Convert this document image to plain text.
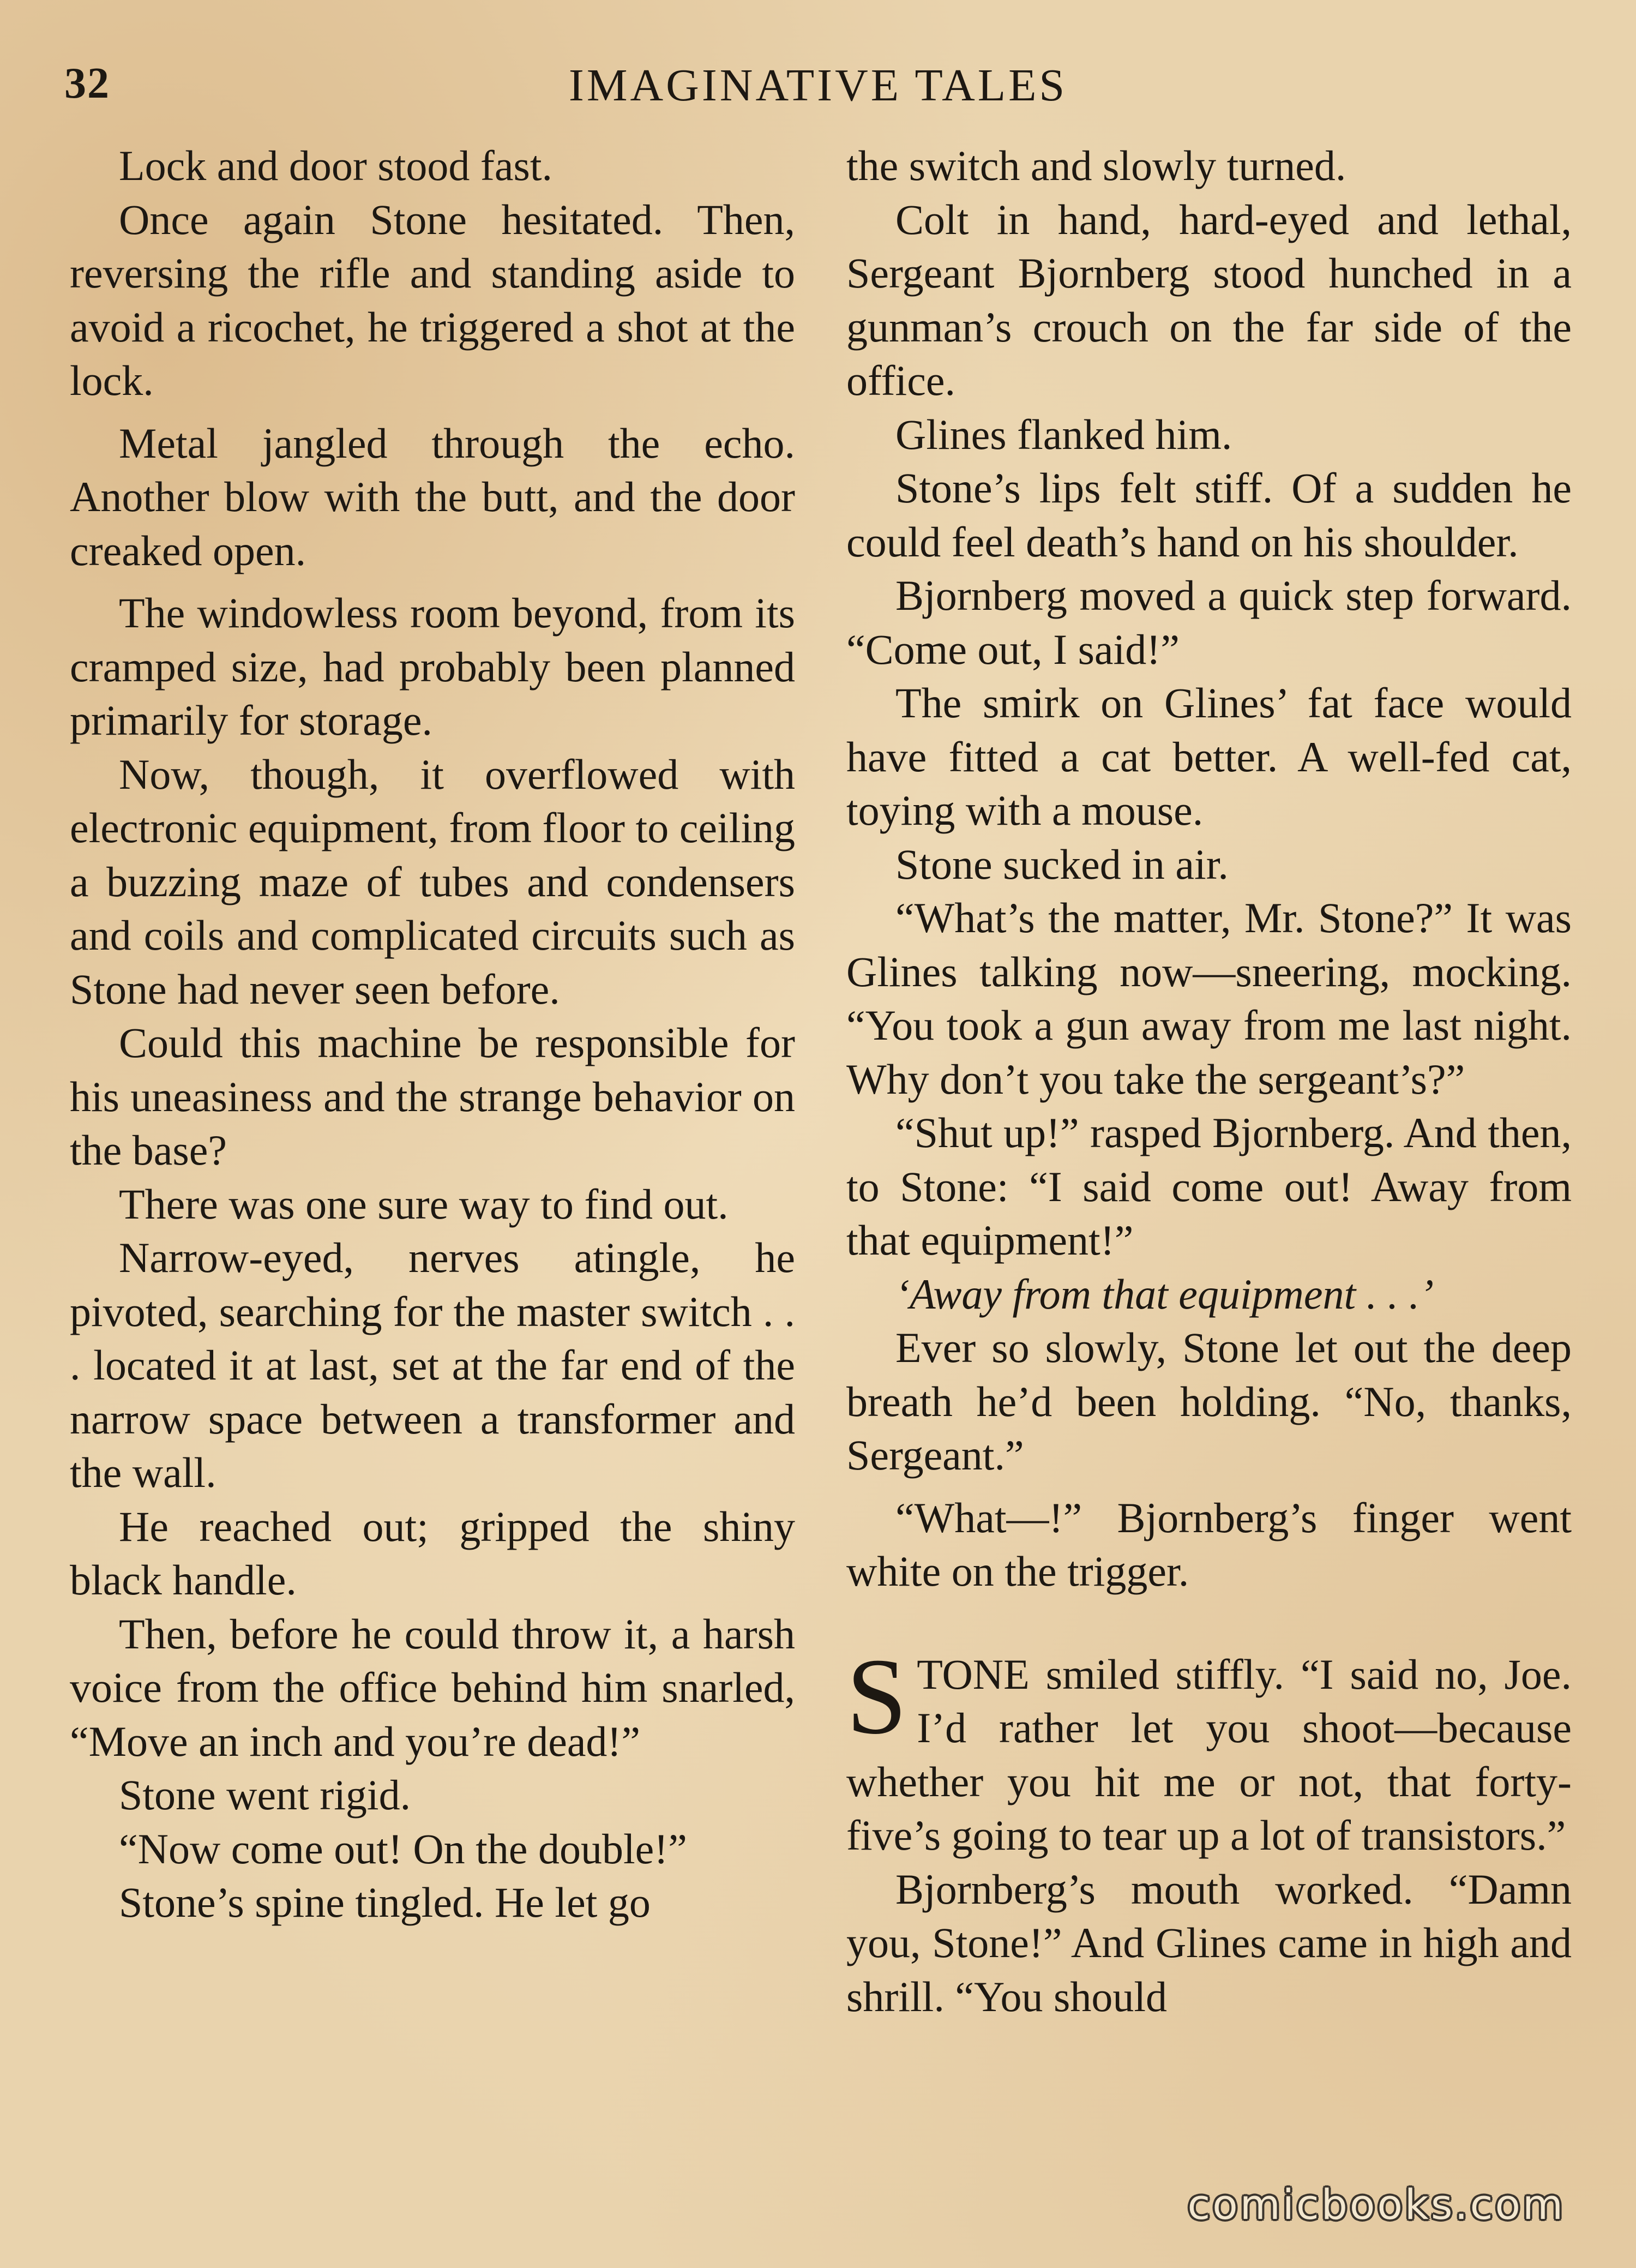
32	IMAGINATIVE TALES

Lock and door stood fast.

Once again Stone hesitated. Then, reversing the rifle and standing aside to avoid a ricochet, he triggered a shot at the lock.

Metal jangled through the echo. Another blow with the butt, and the door creaked open.

The windowless room beyond, from its cramped size, had probably been planned primarily for storage.

Now, though, it overflowed with electronic equipment, from floor to ceiling a buzzing maze of tubes and condensers and coils and complicated circuits such as Stone had never seen before.

Could this machine be responsible for his uneasiness and the strange behavior on the base?

There was one sure way to find out.

Narrow-eyed, nerves atingle, he pivoted, searching for the master switch . . . located it at last, set at the far end of the narrow space between a transformer and the wall.

He reached out; gripped the shiny black handle.

Then, before he could throw it, a harsh voice from the office behind him snarled, “Move an inch and you’re dead!”

Stone went rigid.

“Now come out! On the double!”

Stone’s spine tingled. He let go

the switch and slowly turned.

Colt in hand, hard-eyed and lethal, Sergeant Bjornberg stood hunched in a gunman’s crouch on the far side of the office.

Glines flanked him.

Stone’s lips felt stiff. Of a sudden he could feel death’s hand on his shoulder.

Bjornberg moved a quick step forward. “Come out, I said!”

The smirk on Glines’ fat face would have fitted a cat better. A well-fed cat, toying with a mouse.

Stone sucked in air.

“What’s the matter, Mr. Stone?” It was Glines talking now—sneering, mocking. “You took a gun away from me last night. Why don’t you take the sergeant’s?”

“Shut up!” rasped Bjornberg. And then, to Stone: “I said come out! Away from that equipment!”

‘Away from that equipment . . .’

Ever so slowly, Stone let out the deep breath he’d been holding. “No, thanks, Sergeant.”

“What—!” Bjornberg’s finger went white on the trigger.

STONE smiled stiffly. “I said no, Joe. I’d rather let you shoot—because whether you hit me or not, that forty-five’s going to tear up a lot of transistors.”

Bjornberg’s mouth worked. “Damn you, Stone!” And Glines came in high and shrill. “You should

comicbooks.com
